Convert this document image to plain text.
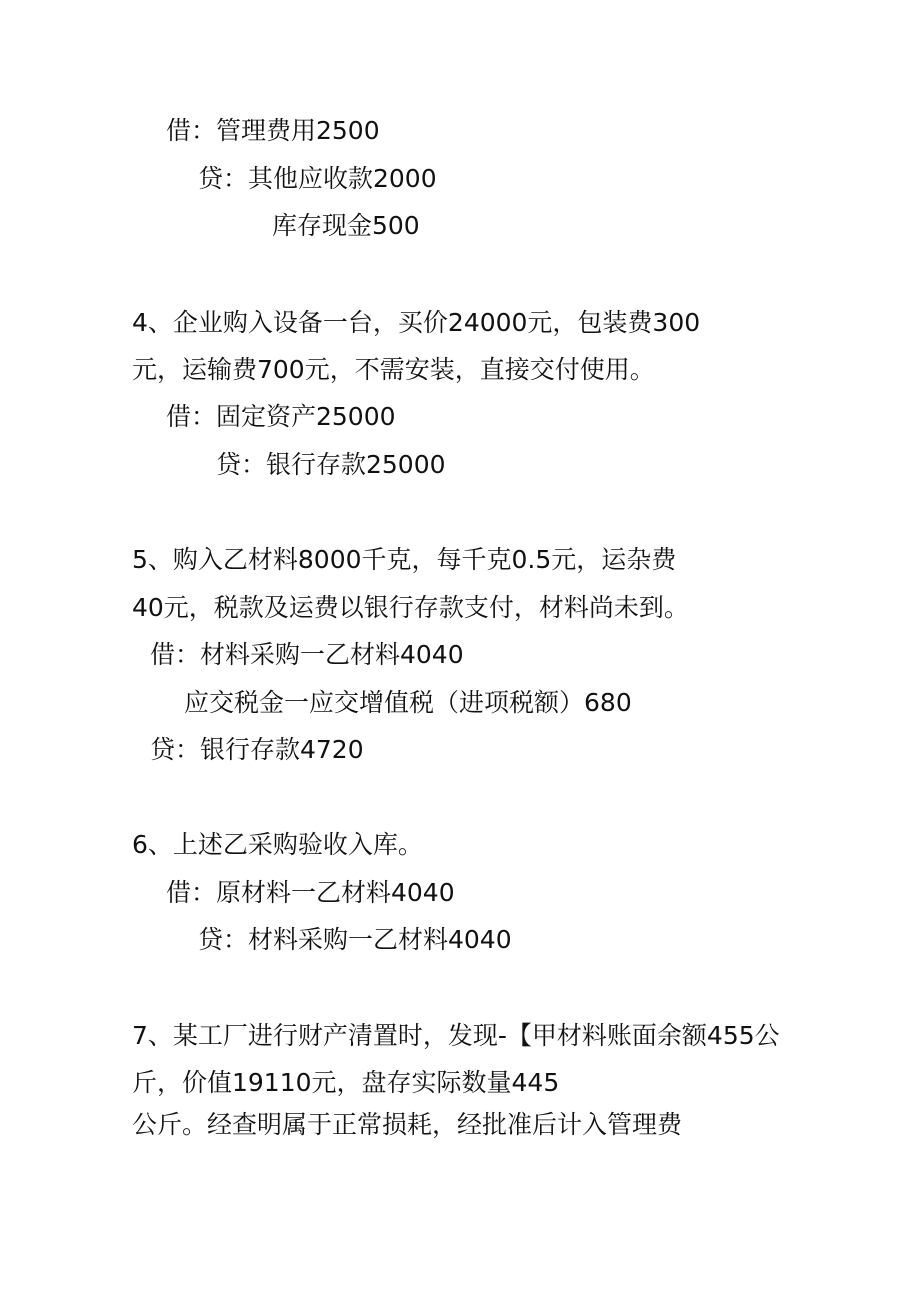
借：管理费用2500
贷：其他应收款2000
库存现金500
4、企业购入设备一台，买价24000元，包装费300
元，运输费700元，不需安装，直接交付使用。
借：固定资产25000
贷：银行存款25000
5、购入乙材料8000千克，每千克0.5元，运杂费
40元，税款及运费以银行存款支付，材料尚未到。
借：材料采购一乙材料4040
应交税金一应交增值税（进项税额）680
贷：银行存款4720
6、上述乙采购验收入库。
借：原材料一乙材料4040
贷：材料采购一乙材料4040
7、某工厂进行财产清置时，发现-【甲材料账面余额455公
斤，价值19110元，盘存实际数量445
公斤。经查明属于正常损耗，经批准后计入管理费
